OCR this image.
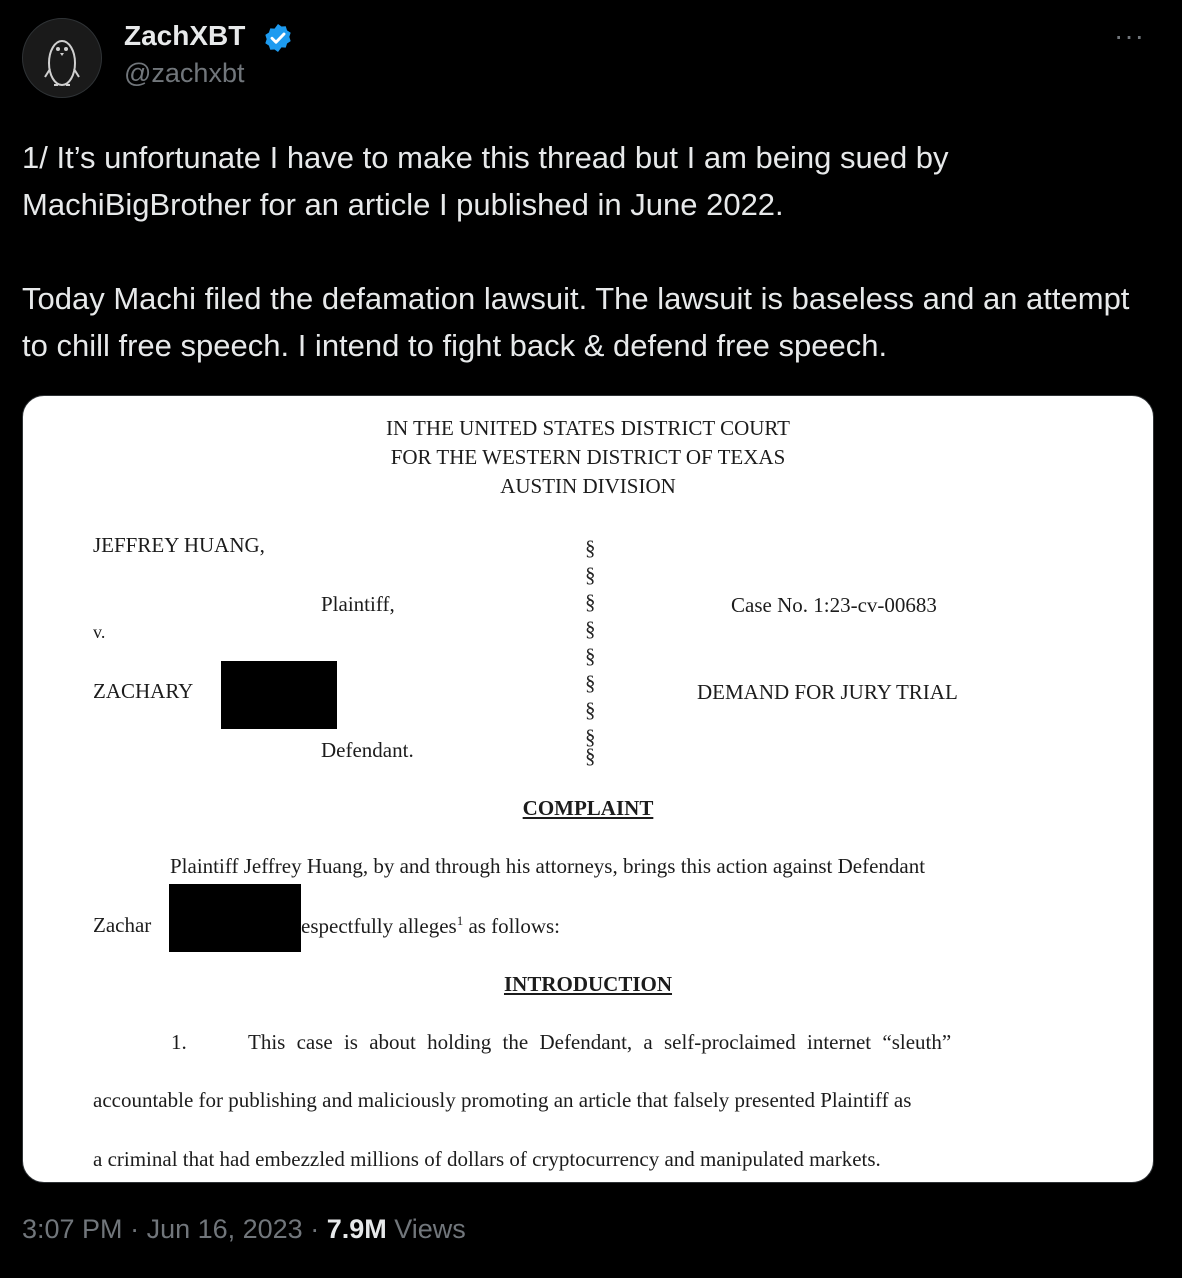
ZachXBT
@zachxbt
···
1/ It’s unfortunate I have to make this thread but I am being sued by MachiBigBrother for an article I published in June 2022.

Today Machi filed the defamation lawsuit. The lawsuit is baseless and an attempt to chill free speech. I intend to fight back & defend free speech.
IN THE UNITED STATES DISTRICT COURT
FOR THE WESTERN DISTRICT OF TEXAS
AUSTIN DIVISION
JEFFREY HUANG,
Plaintiff,
v.
ZACHARY
Defendant.
§
§
§
§
§
§
§
§
§
Case No. 1:23-cv-00683
DEMAND FOR JURY TRIAL
COMPLAINT
Plaintiff Jeffrey Huang, by and through his attorneys, brings this action against Defendant
Zachar	espectfully alleges$^1$ as follows:
INTRODUCTION
1.	This case is about holding the Defendant, a self-proclaimed internet “sleuth”
accountable for publishing and maliciously promoting an article that falsely presented Plaintiff as
a criminal that had embezzled millions of dollars of cryptocurrency and manipulated markets.
3:07 PM · Jun 16, 2023 · 7.9M Views
